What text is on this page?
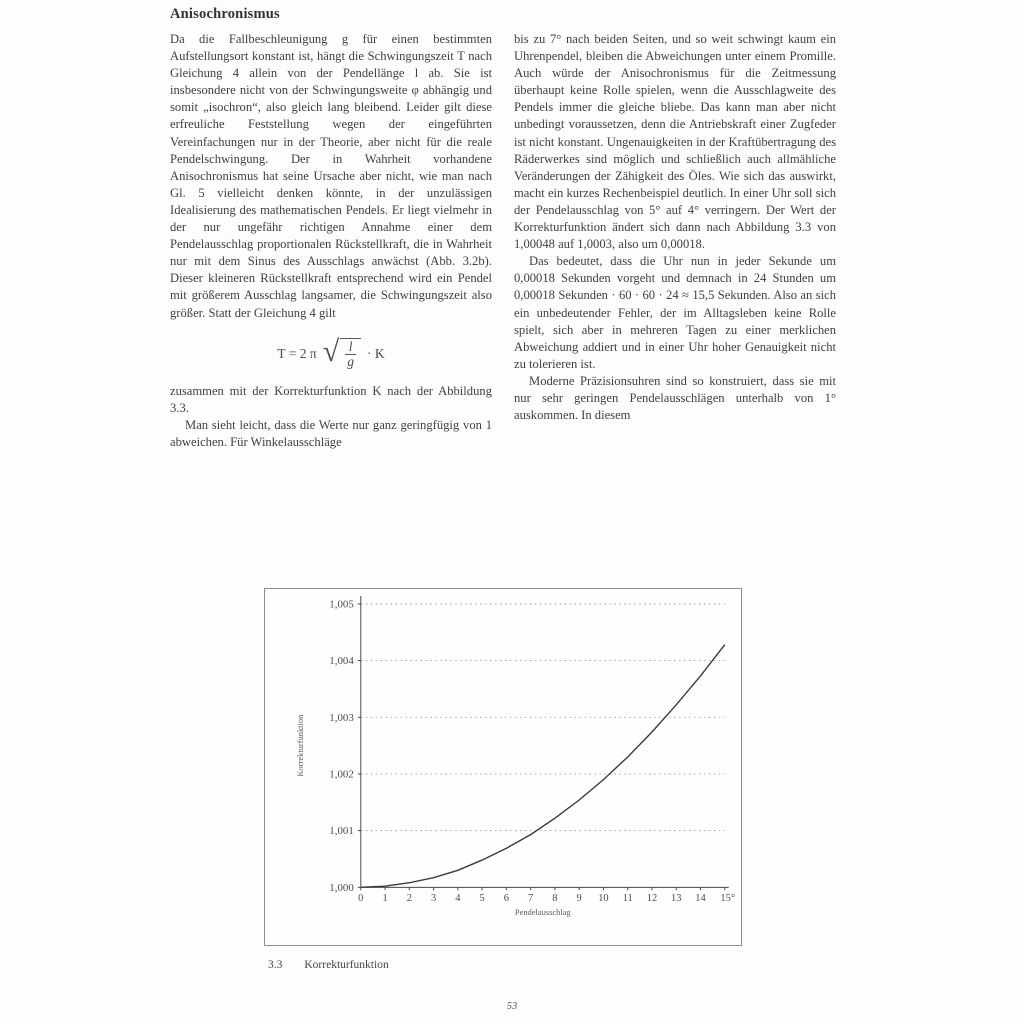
Anisochronismus

Da die Fallbeschleunigung g für einen bestimmten Aufstellungsort konstant ist, hängt die Schwingungszeit T nach Gleichung 4 allein von der Pendellänge l ab. Sie ist insbesondere nicht von der Schwingungsweite φ abhängig und somit „isochron“, also gleich lang bleibend. Leider gilt diese erfreuliche Feststellung wegen der eingeführten Vereinfachungen nur in der Theorie, aber nicht für die reale Pendelschwingung. Der in Wahrheit vorhandene Anisochronismus hat seine Ursache aber nicht, wie man nach Gl. 5 vielleicht denken könnte, in der unzulässigen Idealisierung des mathematischen Pendels. Er liegt vielmehr in der nur ungefähr richtigen Annahme einer dem Pendelausschlag proportionalen Rückstellkraft, die in Wahrheit nur mit dem Sinus des Ausschlags anwächst (Abb. 3.2b). Dieser kleineren Rückstellkraft entsprechend wird ein Pendel mit größerem Ausschlag langsamer, die Schwingungszeit also größer. Statt der Gleichung 4 gilt

T = 2 π √ $\frac{l}{g} \cdot K$

zusammen mit der Korrekturfunktion K nach der Abbildung 3.3.

Man sieht leicht, dass die Werte nur ganz geringfügig von 1 abweichen. Für Winkelausschläge

bis zu 7° nach beiden Seiten, und so weit schwingt kaum ein Uhrenpendel, bleiben die Abweichungen unter einem Promille. Auch würde der Anisochronismus für die Zeitmessung überhaupt keine Rolle spielen, wenn die Ausschlagweite des Pendels immer die gleiche bliebe. Das kann man aber nicht unbedingt voraussetzen, denn die Antriebskraft einer Zugfeder ist nicht konstant. Ungenauigkeiten in der Kraftübertragung des Räderwerkes sind möglich und schließlich auch allmähliche Veränderungen der Zähigkeit des Öles. Wie sich das auswirkt, macht ein kurzes Rechenbeispiel deutlich. In einer Uhr soll sich der Pendelausschlag von 5° auf 4° verringern. Der Wert der Korrekturfunktion ändert sich dann nach Abbildung 3.3 von 1,00048 auf 1,0003, also um 0,00018.

Das bedeutet, dass die Uhr nun in jeder Sekunde um 0,00018 Sekunden vorgeht und demnach in 24 Stunden um 0,00018 Sekunden · 60 · 60 · 24 ≈ 15,5 Sekunden. Also an sich ein unbedeutender Fehler, der im Alltagsleben keine Rolle spielt, sich aber in mehreren Tagen zu einer merklichen Abweichung addiert und in einer Uhr hoher Genauigkeit nicht zu tolerieren ist.

Moderne Präzisionsuhren sind so konstruiert, dass sie mit nur sehr geringen Pendelausschlägen unterhalb von 1° auskommen. In diesem

1,000
1,001
1,002
1,003
1,004
1,005
0 1 2 3 4 5 6 7 8 9 10 11 12 13 14 15°
Pendelausschlag
Korrekturfunktion
3.3 Korrekturfunktion
53
